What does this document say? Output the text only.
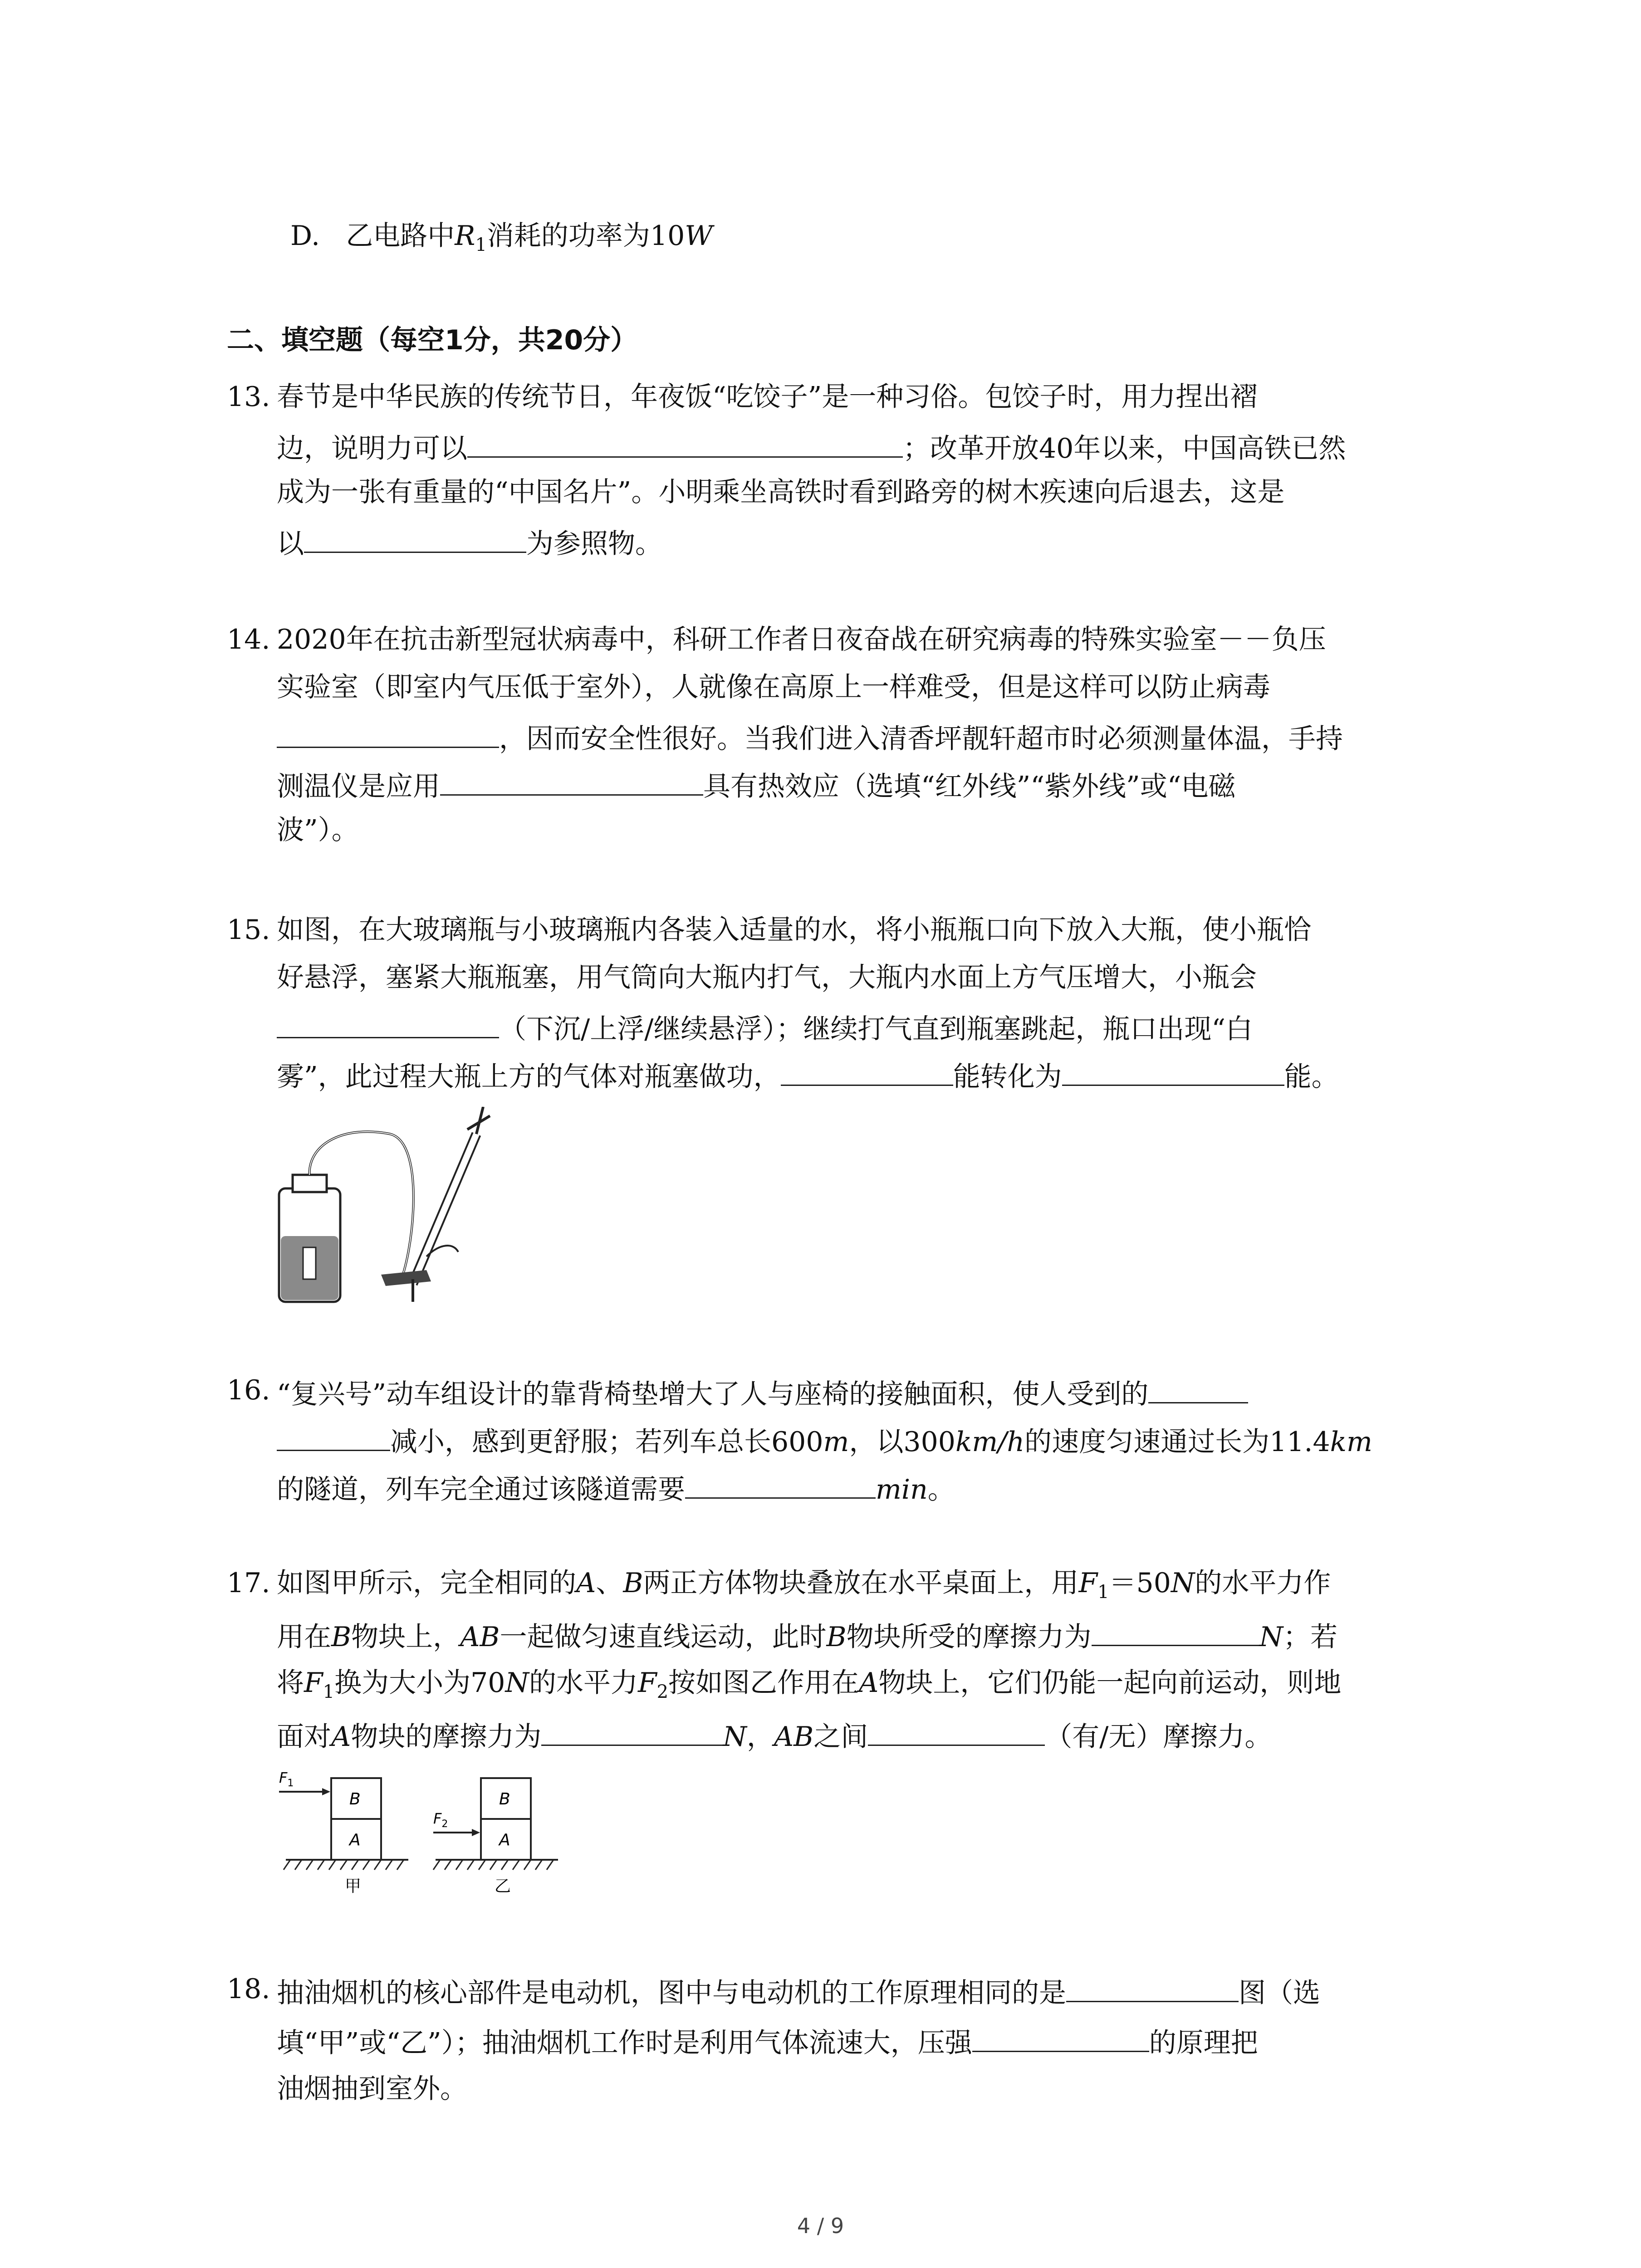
D. 乙电路中$R_1$消耗的功率为10W
二、填空题（每空1分，共20分）
13. 春节是中华民族的传统节日，年夜饭“吃饺子”是一种习俗。包饺子时，用力捏出褶
边，说明力可以	；改革开放40年以来，中国高铁已然
成为一张有重量的“中国名片”。小明乘坐高铁时看到路旁的树木疾速向后退去，这是
以	为参照物。
14. 2020年在抗击新型冠状病毒中，科研工作者日夜奋战在研究病毒的特殊实验室－－负压
实验室（即室内气压低于室外），人就像在高原上一样难受，但是这样可以防止病毒
，因而安全性很好。当我们进入清香坪靓轩超市时必须测量体温，手持
测温仪是应用	具有热效应（选填“红外线”“紫外线”或“电磁
波”）。
15. 如图，在大玻璃瓶与小玻璃瓶内各装入适量的水，将小瓶瓶口向下放入大瓶，使小瓶恰
好悬浮，塞紧大瓶瓶塞，用气筒向大瓶内打气，大瓶内水面上方气压增大，小瓶会
（下沉/上浮/继续悬浮）；继续打气直到瓶塞跳起，瓶口出现“白
雾”，此过程大瓶上方的气体对瓶塞做功，	能转化为	能。
16. “复兴号”动车组设计的靠背椅垫增大了人与座椅的接触面积，使人受到的
减小，感到更舒服；若列车总长600m，以300km/h的速度匀速通过长为11.4km
的隧道，列车完全通过该隧道需要	min。
17. 如图甲所示，完全相同的A、B两正方体物块叠放在水平桌面上，用$F_1=50N$的水平力作
用在B物块上，AB一起做匀速直线运动，此时B物块所受的摩擦力为	N；若
将$F_1$换为大小为70N的水平力$F_2$按如图乙作用在A物块上，它们仍能一起向前运动，则地
面对A物块的摩擦力为	N，AB之间	（有/无）摩擦力。
$F_1$
B
A
甲
$F_2$
B
A
乙
18. 抽油烟机的核心部件是电动机，图中与电动机的工作原理相同的是	图（选
填“甲”或“乙”）；抽油烟机工作时是利用气体流速大，压强	的原理把
油烟抽到室外。
4 / 9
